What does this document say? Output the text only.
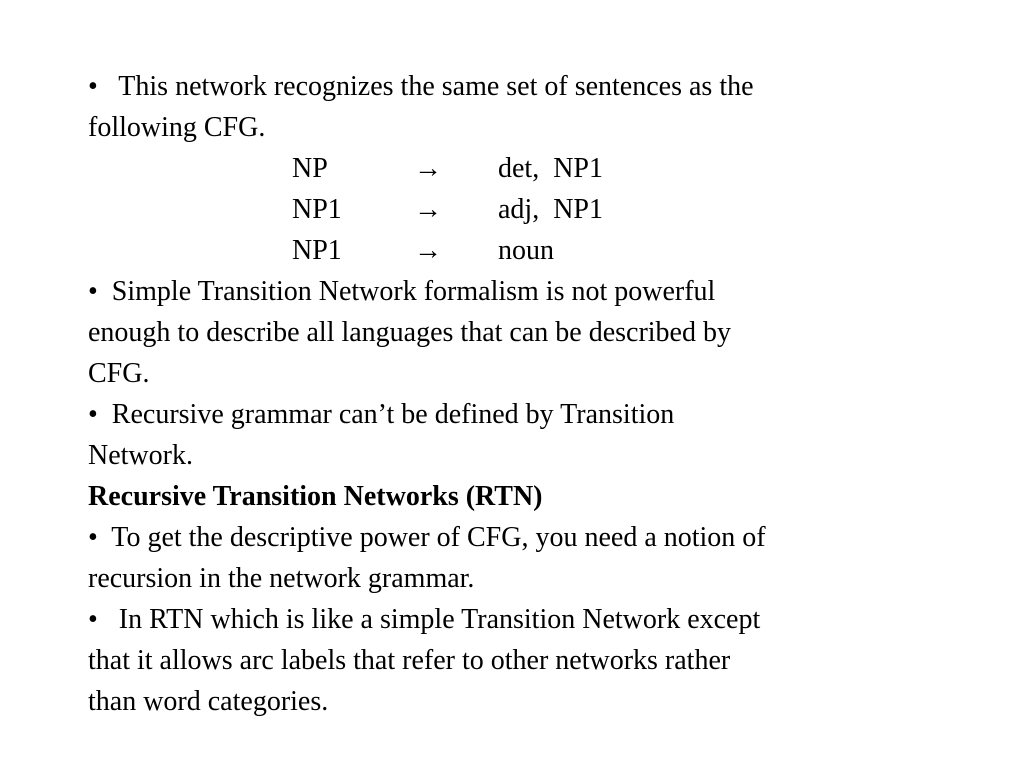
•   This network recognizes the same set of sentences as the
following CFG.
NP	→ det,  NP1
NP1	→ adj,  NP1
NP1	→ noun
•  Simple Transition Network formalism is not powerful
enough to describe all languages that can be described by
CFG.
•  Recursive grammar can’t be defined by Transition
Network.
Recursive Transition Networks (RTN)
•  To get the descriptive power of CFG, you need a notion of
recursion in the network grammar.
•   In RTN which is like a simple Transition Network except
that it allows arc labels that refer to other networks rather
than word categories.
